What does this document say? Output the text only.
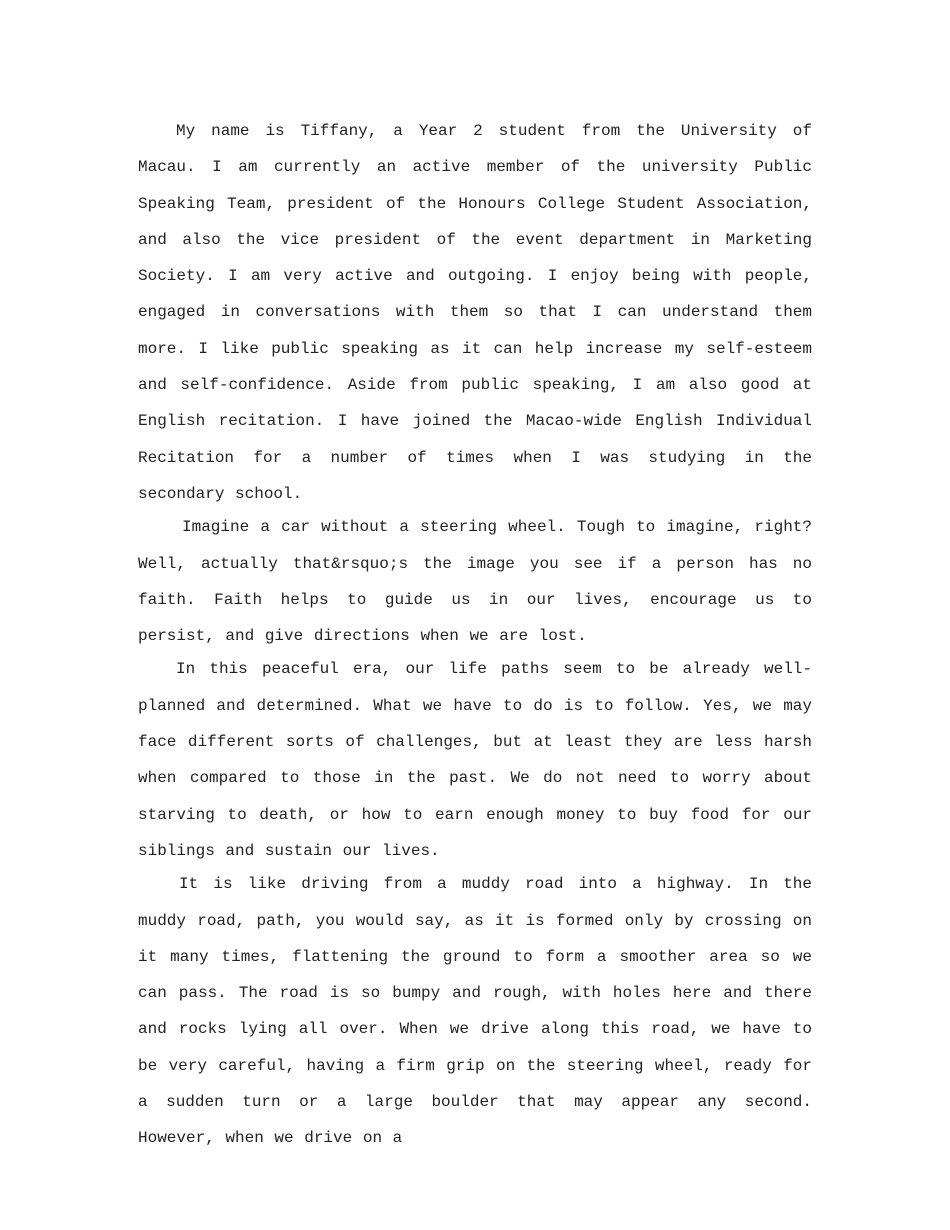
My name is Tiffany, a Year 2 student from the University of Macau. I am currently an active member of the university Public Speaking Team, president of the Honours College Student Association, and also the vice president of the event department in Marketing Society. I am very active and outgoing. I enjoy being with people, engaged in conversations with them so that I can understand them more. I like public speaking as it can help increase my self-esteem and self-confidence. Aside from public speaking, I am also good at English recitation. I have joined the Macao-wide English Individual Recitation for a number of times when I was studying in the secondary school.

Imagine a car without a steering wheel. Tough to imagine, right? Well, actually that&rsquo;s the image you see if a person has no faith. Faith helps to guide us in our lives, encourage us to persist, and give directions when we are lost.

In this peaceful era, our life paths seem to be already well-planned and determined. What we have to do is to follow. Yes, we may face different sorts of challenges, but at least they are less harsh when compared to those in the past. We do not need to worry about starving to death, or how to earn enough money to buy food for our siblings and sustain our lives.

It is like driving from a muddy road into a highway. In the muddy road, path, you would say, as it is formed only by crossing on it many times, flattening the ground to form a smoother area so we can pass. The road is so bumpy and rough, with holes here and there and rocks lying all over. When we drive along this road, we have to be very careful, having a firm grip on the steering wheel, ready for a sudden turn or a large boulder that may appear any second. However, when we drive on a
